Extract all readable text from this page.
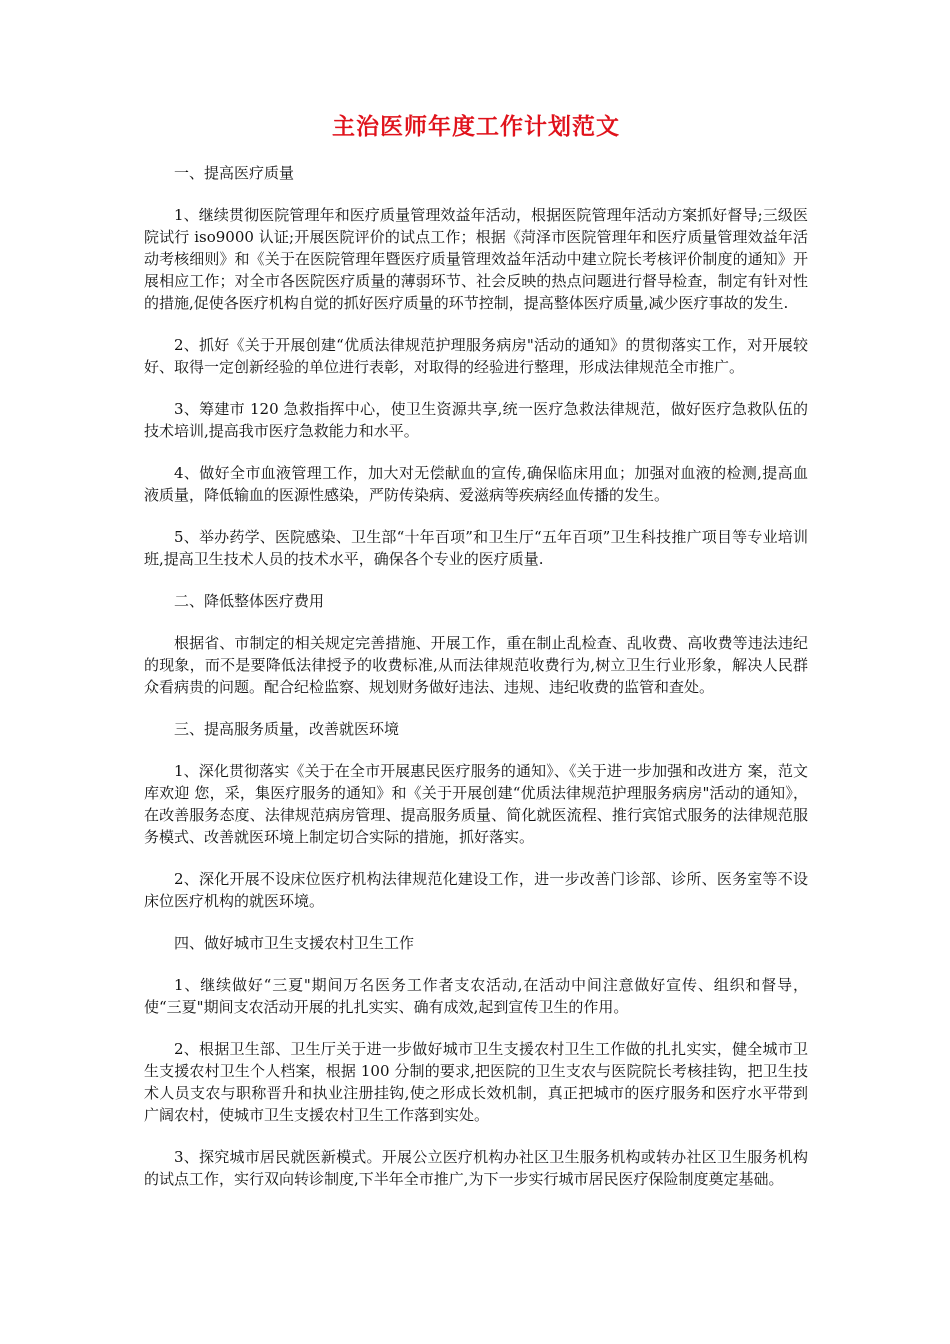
主治医师年度工作计划范文

一、提高医疗质量

1、继续贯彻医院管理年和医疗质量管理效益年活动，根据医院管理年活动方案抓好督导;三级医院试行 iso9000 认证;开展医院评价的试点工作；根据《菏泽市医院管理年和医疗质量管理效益年活动考核细则》和《关于在医院管理年暨医疗质量管理效益年活动中建立院长考核评价制度的通知》开展相应工作；对全市各医院医疗质量的薄弱环节、社会反映的热点问题进行督导检查，制定有针对性的措施,促使各医疗机构自觉的抓好医疗质量的环节控制，提高整体医疗质量,减少医疗事故的发生.

2、抓好《关于开展创建“优质法律规范护理服务病房"活动的通知》的贯彻落实工作，对开展较好、取得一定创新经验的单位进行表彰，对取得的经验进行整理，形成法律规范全市推广。

3、筹建市 120 急救指挥中心，使卫生资源共享,统一医疗急救法律规范，做好医疗急救队伍的技术培训,提高我市医疗急救能力和水平。

4、做好全市血液管理工作，加大对无偿献血的宣传,确保临床用血；加强对血液的检测,提高血液质量，降低输血的医源性感染，严防传染病、爱滋病等疾病经血传播的发生。

5、举办药学、医院感染、卫生部“十年百项”和卫生厅“五年百项”卫生科技推广项目等专业培训班,提高卫生技术人员的技术水平，确保各个专业的医疗质量.

二、降低整体医疗费用

根据省、市制定的相关规定完善措施、开展工作，重在制止乱检查、乱收费、高收费等违法违纪的现象，而不是要降低法律授予的收费标准,从而法律规范收费行为,树立卫生行业形象，解决人民群众看病贵的问题。配合纪检监察、规划财务做好违法、违规、违纪收费的监管和查处。

三、提高服务质量，改善就医环境

1、深化贯彻落实《关于在全市开展惠民医疗服务的通知》、《关于进一步加强和改进方 案，范文库欢迎 您，采，集医疗服务的通知》和《关于开展创建“优质法律规范护理服务病房"活动的通知》，在改善服务态度、法律规范病房管理、提高服务质量、简化就医流程、推行宾馆式服务的法律规范服务模式、改善就医环境上制定切合实际的措施，抓好落实。

2、深化开展不设床位医疗机构法律规范化建设工作，进一步改善门诊部、诊所、医务室等不设床位医疗机构的就医环境。

四、做好城市卫生支援农村卫生工作

1、继续做好“三夏"期间万名医务工作者支农活动,在活动中间注意做好宣传、组织和督导，使“三夏"期间支农活动开展的扎扎实实、确有成效,起到宣传卫生的作用。

2、根据卫生部、卫生厅关于进一步做好城市卫生支援农村卫生工作做的扎扎实实，健全城市卫生支援农村卫生个人档案，根据 100 分制的要求,把医院的卫生支农与医院院长考核挂钩，把卫生技术人员支农与职称晋升和执业注册挂钩,使之形成长效机制，真正把城市的医疗服务和医疗水平带到广阔农村，使城市卫生支援农村卫生工作落到实处。

3、探究城市居民就医新模式。开展公立医疗机构办社区卫生服务机构或转办社区卫生服务机构的试点工作，实行双向转诊制度,下半年全市推广,为下一步实行城市居民医疗保险制度奠定基础。
